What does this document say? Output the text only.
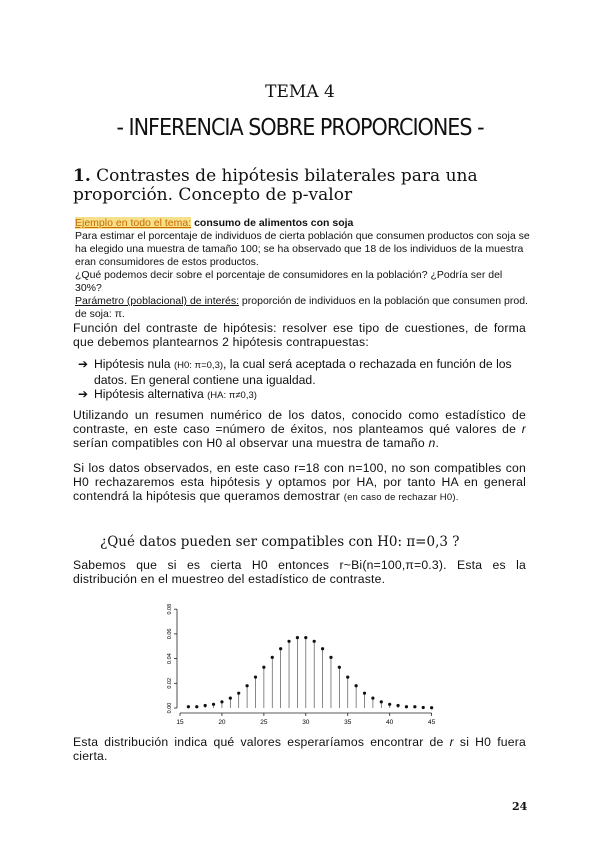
TEMA 4
- INFERENCIA SOBRE PROPORCIONES -
1. Contrastes de hipótesis bilaterales para una proporción. Concepto de p-valor

Ejemplo en todo el tema: consumo de alimentos con soja

Para estimar el porcentaje de individuos de cierta población que consumen productos con soja se ha elegido una muestra de tamaño 100; se ha observado que 18 de los individuos de la muestra eran consumidores de estos productos.

¿Qué podemos decir sobre el porcentaje de consumidores en la población? ¿Podría ser del 30%?

Parámetro (poblacional) de interés: proporción de individuos en la población que consumen prod. de soja: π.

Función del contraste de hipótesis: resolver ese tipo de cuestiones, de forma que debemos plantearnos 2 hipótesis contrapuestas:

➔ Hipótesis nula (H0: π=0,3), la cual será aceptada o rechazada en función de los datos. En general contiene una igualdad.
➔ Hipótesis alternativa (HA: π≠0,3)

Utilizando un resumen numérico de los datos, conocido como estadístico de contraste, en este caso =número de éxitos, nos planteamos qué valores de r serían compatibles con H0 al observar una muestra de tamaño n.

Si los datos observados, en este caso r=18 con n=100, no son compatibles con H0 rechazaremos esta hipótesis y optamos por HA, por tanto HA en general contendrá la hipótesis que queramos demostrar (en caso de rechazar H0).

¿Qué datos pueden ser compatibles con H0: π=0,3 ?

Sabemos que si es cierta H0 entonces r~Bi(n=100,π=0.3). Esta es la distribución en el muestreo del estadístico de contraste.

0.00
0.02
0.04
0.06
0.08
15	20	25	30	35	40	45

Esta distribución indica qué valores esperaríamos encontrar de r si H0 fuera cierta.

24
